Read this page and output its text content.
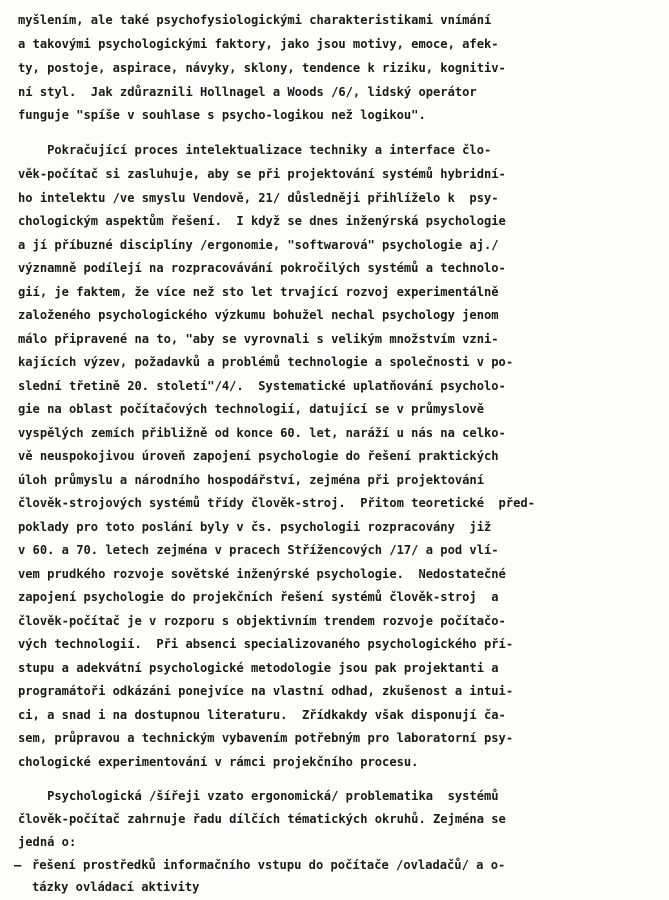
myšlením, ale také psychofysiologickými charakteristikami vnímání
a takovými psychologickými faktory, jako jsou motivy, emoce, afek-
ty, postoje, aspirace, návyky, sklony, tendence k riziku, kognitiv-
ní styl.  Jak zdůraznili Hollnagel a Woods /6/, lidský operátor
funguje "spíše v souhlase s psycho-logikou než logikou".
Pokračující proces intelektualizace techniky a interface člo-
věk-počítač si zasluhuje, aby se při projektování systémů hybridní-
ho intelektu /ve smyslu Vendově, 21/ důsledněji přihlíželo k  psy-
chologickým aspektům řešení.  I když se dnes inženýrská psychologie
a jí příbuzné disciplíny /ergonomie, "softwarová" psychologie aj./
významně podílejí na rozpracovávání pokročilých systémů a technolo-
gií, je faktem, že více než sto let trvající rozvoj experimentálně
založeného psychologického výzkumu bohužel nechal psychology jenom
málo připravené na to, "aby se vyrovnali s velikým množstvím vzni-
kajících výzev, požadavků a problémů technologie a společnosti v po-
slední třetině 20. století"/4/.  Systematické uplatňování psycholo-
gie na oblast počítačových technologií, datující se v průmyslově
vyspělých zemích přibližně od konce 60. let, naráží u nás na celko-
vě neuspokojivou úroveň zapojení psychologie do řešení praktických
úloh průmyslu a národního hospodářství, zejména při projektování
člověk-strojových systémů třídy člověk-stroj.  Přitom teoretické  před-
poklady pro toto poslání byly v čs. psychologii rozpracovány  již
v 60. a 70. letech zejména v pracech Střížencových /17/ a pod vlí-
vem prudkého rozvoje sovětské inženýrské psychologie.  Nedostatečné
zapojení psychologie do projekčních řešení systémů člověk-stroj  a
člověk-počítač je v rozporu s objektivním trendem rozvoje počítačo-
vých technologií.  Při absenci specializovaného psychologického pří-
stupu a adekvátní psychologické metodologie jsou pak projektanti a
programátoři odkázáni ponejvíce na vlastní odhad, zkušenost a intui-
ci, a snad i na dostupnou literaturu.  Zřídkakdy však disponují ča-
sem, průpravou a technickým vybavením potřebným pro laboratorní psy-
chologické experimentování v rámci projekčního procesu.
Psychologická /šířeji vzato ergonomická/ problematika  systémů
člověk-počítač zahrnuje řadu dílčích tématických okruhů. Zejména se
jedná o:
– řešení prostředků informačního vstupu do počítače /ovladačů/ a o-
tázky ovládací aktivity
